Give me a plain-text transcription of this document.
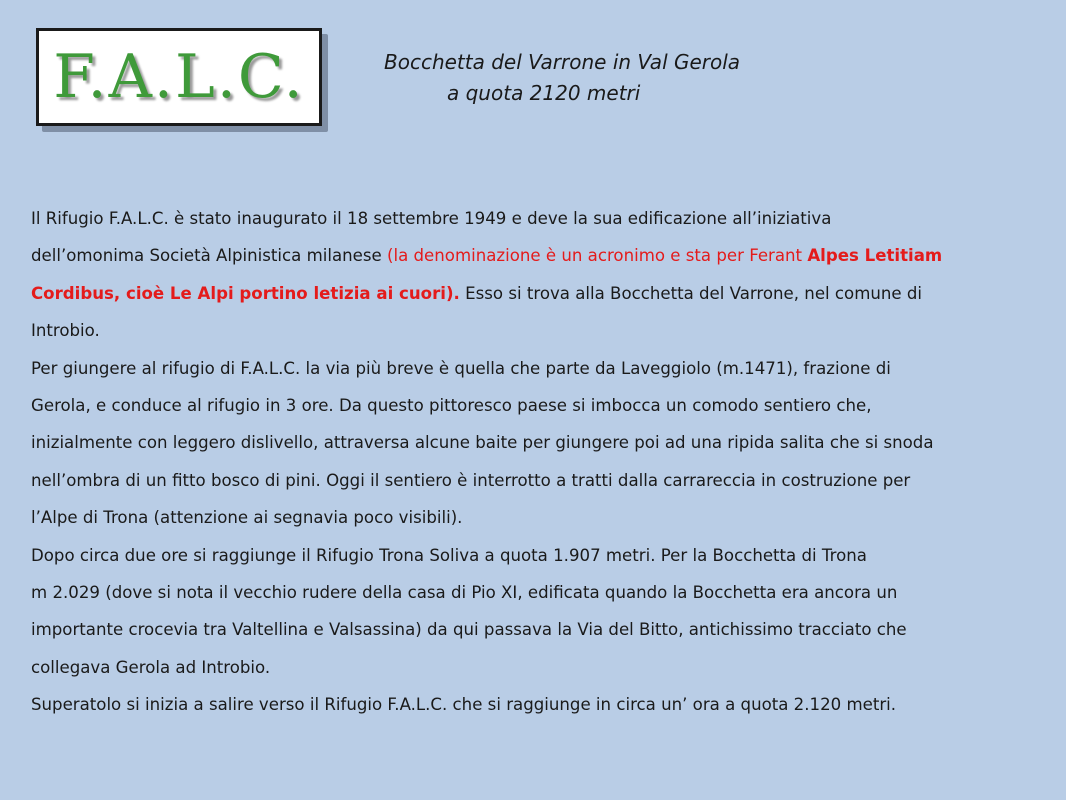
F.A.L.C.	Bocchetta del Varrone in Val Gerola
a quota 2120 metri
Il Rifugio F.A.L.C. è stato inaugurato il 18 settembre 1949 e deve la sua edificazione all’iniziativa
dell’omonima Società Alpinistica milanese (la denominazione è un acronimo e sta per Ferant Alpes Letitiam
Cordibus, cioè Le Alpi portino letizia ai cuori). Esso si trova alla Bocchetta del Varrone, nel comune di
Introbio.
Per giungere al rifugio di F.A.L.C. la via più breve è quella che parte da Laveggiolo (m.1471), frazione di
Gerola, e conduce al rifugio in 3 ore. Da questo pittoresco paese si imbocca un comodo sentiero che,
inizialmente con leggero dislivello, attraversa alcune baite per giungere poi ad una ripida salita che si snoda
nell’ombra di un fitto bosco di pini. Oggi il sentiero è interrotto a tratti dalla carrareccia in costruzione per
l’Alpe di Trona (attenzione ai segnavia poco visibili).
Dopo circa due ore si raggiunge il Rifugio Trona Soliva a quota 1.907 metri. Per la Bocchetta di Trona
m 2.029 (dove si nota il vecchio rudere della casa di Pio XI, edificata quando la Bocchetta era ancora un
importante crocevia tra Valtellina e Valsassina) da qui passava la Via del Bitto, antichissimo tracciato che
collegava Gerola ad Introbio.
Superatolo si inizia a salire verso il Rifugio F.A.L.C. che si raggiunge in circa un’ ora a quota 2.120 metri.
